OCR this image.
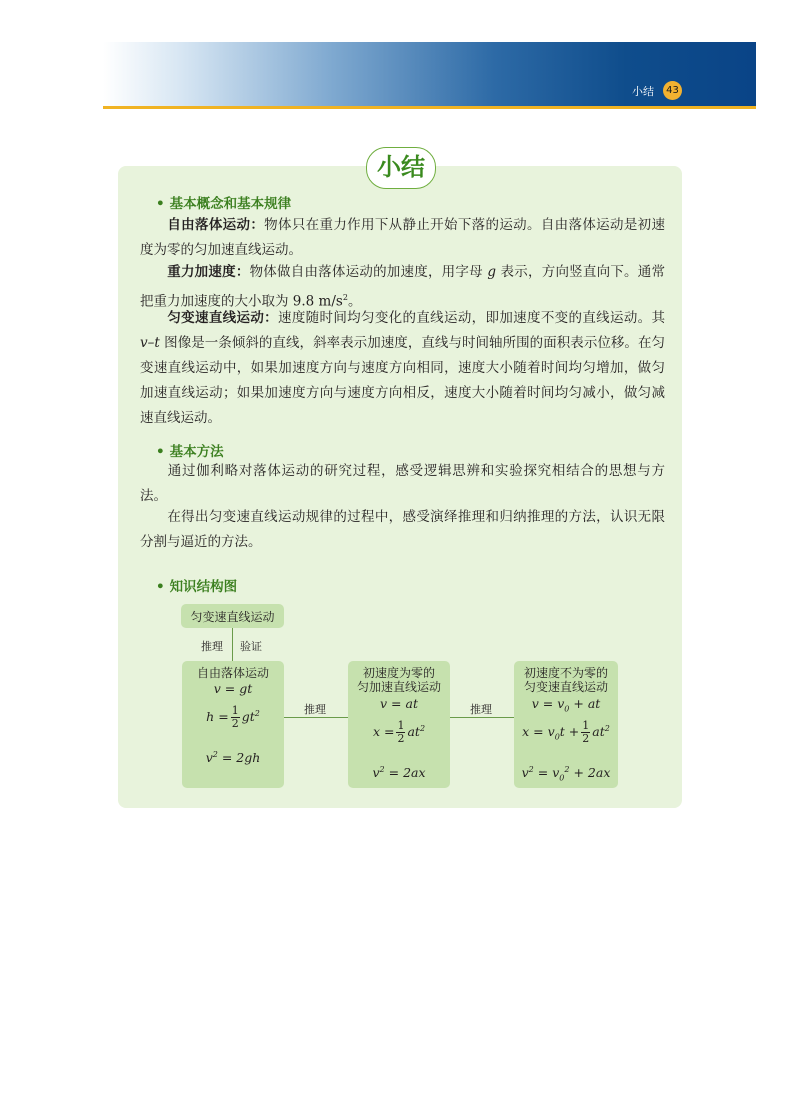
小结	43
小结
• 基本概念和基本规律
自由落体运动：物体只在重力作用下从静止开始下落的运动。自由落体运动是初速度为零的匀加速直线运动。
重力加速度：物体做自由落体运动的加速度，用字母 g 表示，方向竖直向下。通常把重力加速度的大小取为 9.8 $m/s^2$。
匀变速直线运动：速度随时间均匀变化的直线运动，即加速度不变的直线运动。其 v–t 图像是一条倾斜的直线，斜率表示加速度，直线与时间轴所围的面积表示位移。在匀变速直线运动中，如果加速度方向与速度方向相同，速度大小随着时间均匀增加，做匀加速直线运动；如果加速度方向与速度方向相反，速度大小随着时间均匀减小，做匀减速直线运动。
• 基本方法
通过伽利略对落体运动的研究过程，感受逻辑思辨和实验探究相结合的思想与方法。
在得出匀变速直线运动规律的过程中，感受演绎推理和归纳推理的方法，认识无限分割与逼近的方法。
• 知识结构图
匀变速直线运动
推理 验证
自由落体运动
v = gt
$h = \frac{1}{2} gt^2$
$v^2 = 2gh$
推理
初速度为零的
匀加速直线运动
v = at
$x = \frac{1}{2} at^2$
$v^2 = 2ax$
推理
初速度不为零的
匀变速直线运动
$v = v_0$ + at
$x = v_0t + \frac{1}{2} at^2$
$v^2 = v_0^2 + 2ax$
